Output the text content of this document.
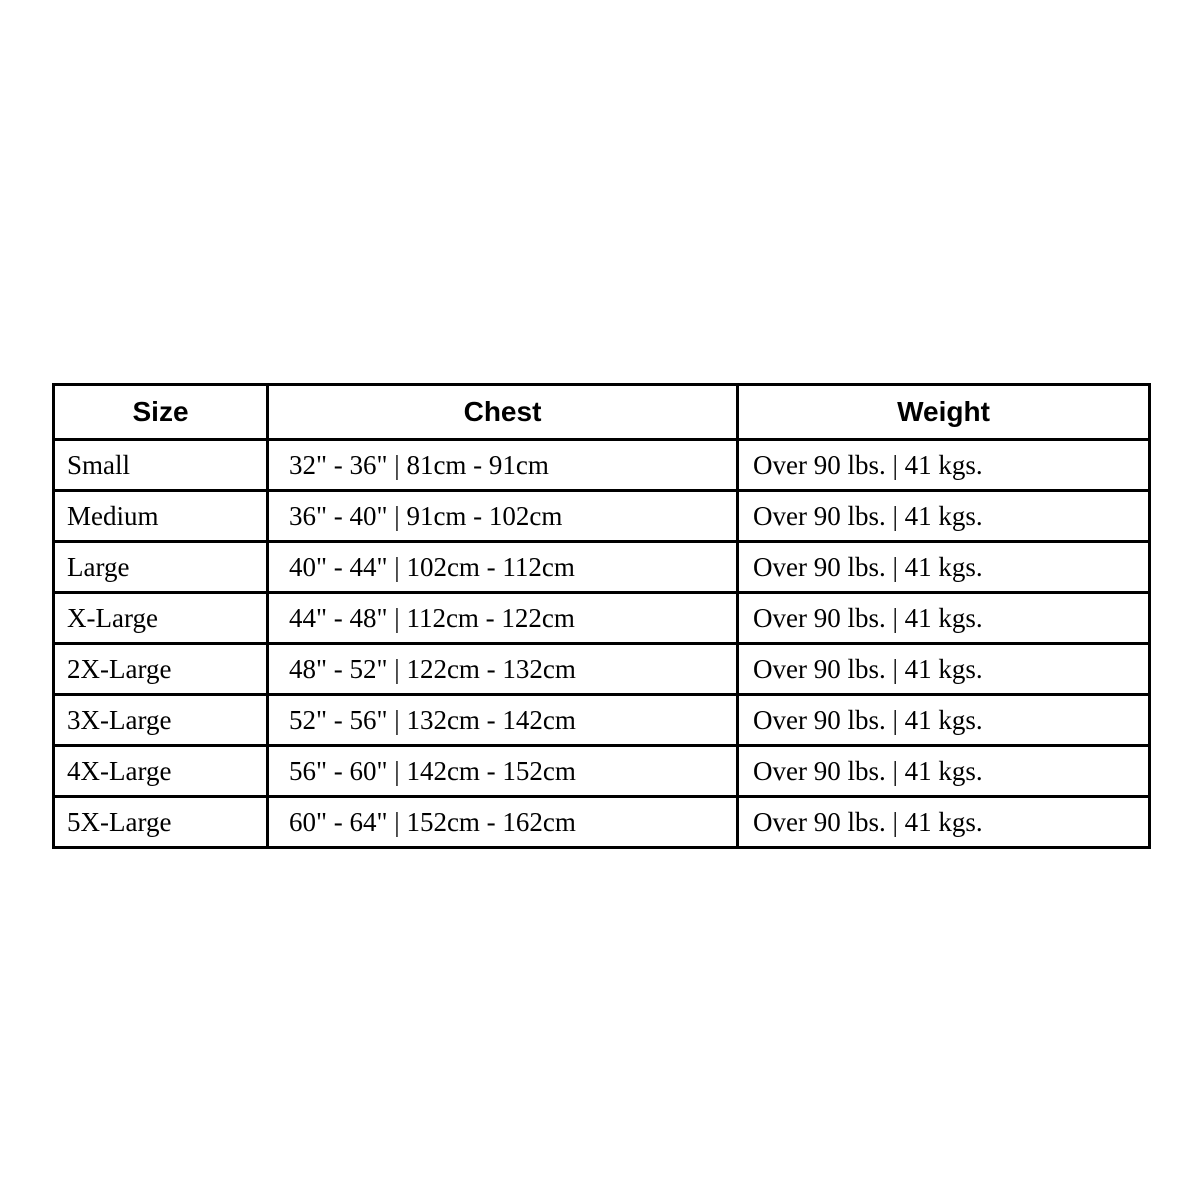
Size	Chest	Weight
Small	32" - 36" | 81cm - 91cm	Over 90 lbs. | 41 kgs.
Medium	36" - 40" | 91cm - 102cm	Over 90 lbs. | 41 kgs.
Large	40" - 44" | 102cm - 112cm	Over 90 lbs. | 41 kgs.
X-Large	44" - 48" | 112cm - 122cm	Over 90 lbs. | 41 kgs.
2X-Large	48" - 52" | 122cm - 132cm	Over 90 lbs. | 41 kgs.
3X-Large	52" - 56" | 132cm - 142cm	Over 90 lbs. | 41 kgs.
4X-Large	56" - 60" | 142cm - 152cm	Over 90 lbs. | 41 kgs.
5X-Large	60" - 64" | 152cm - 162cm	Over 90 lbs. | 41 kgs.
